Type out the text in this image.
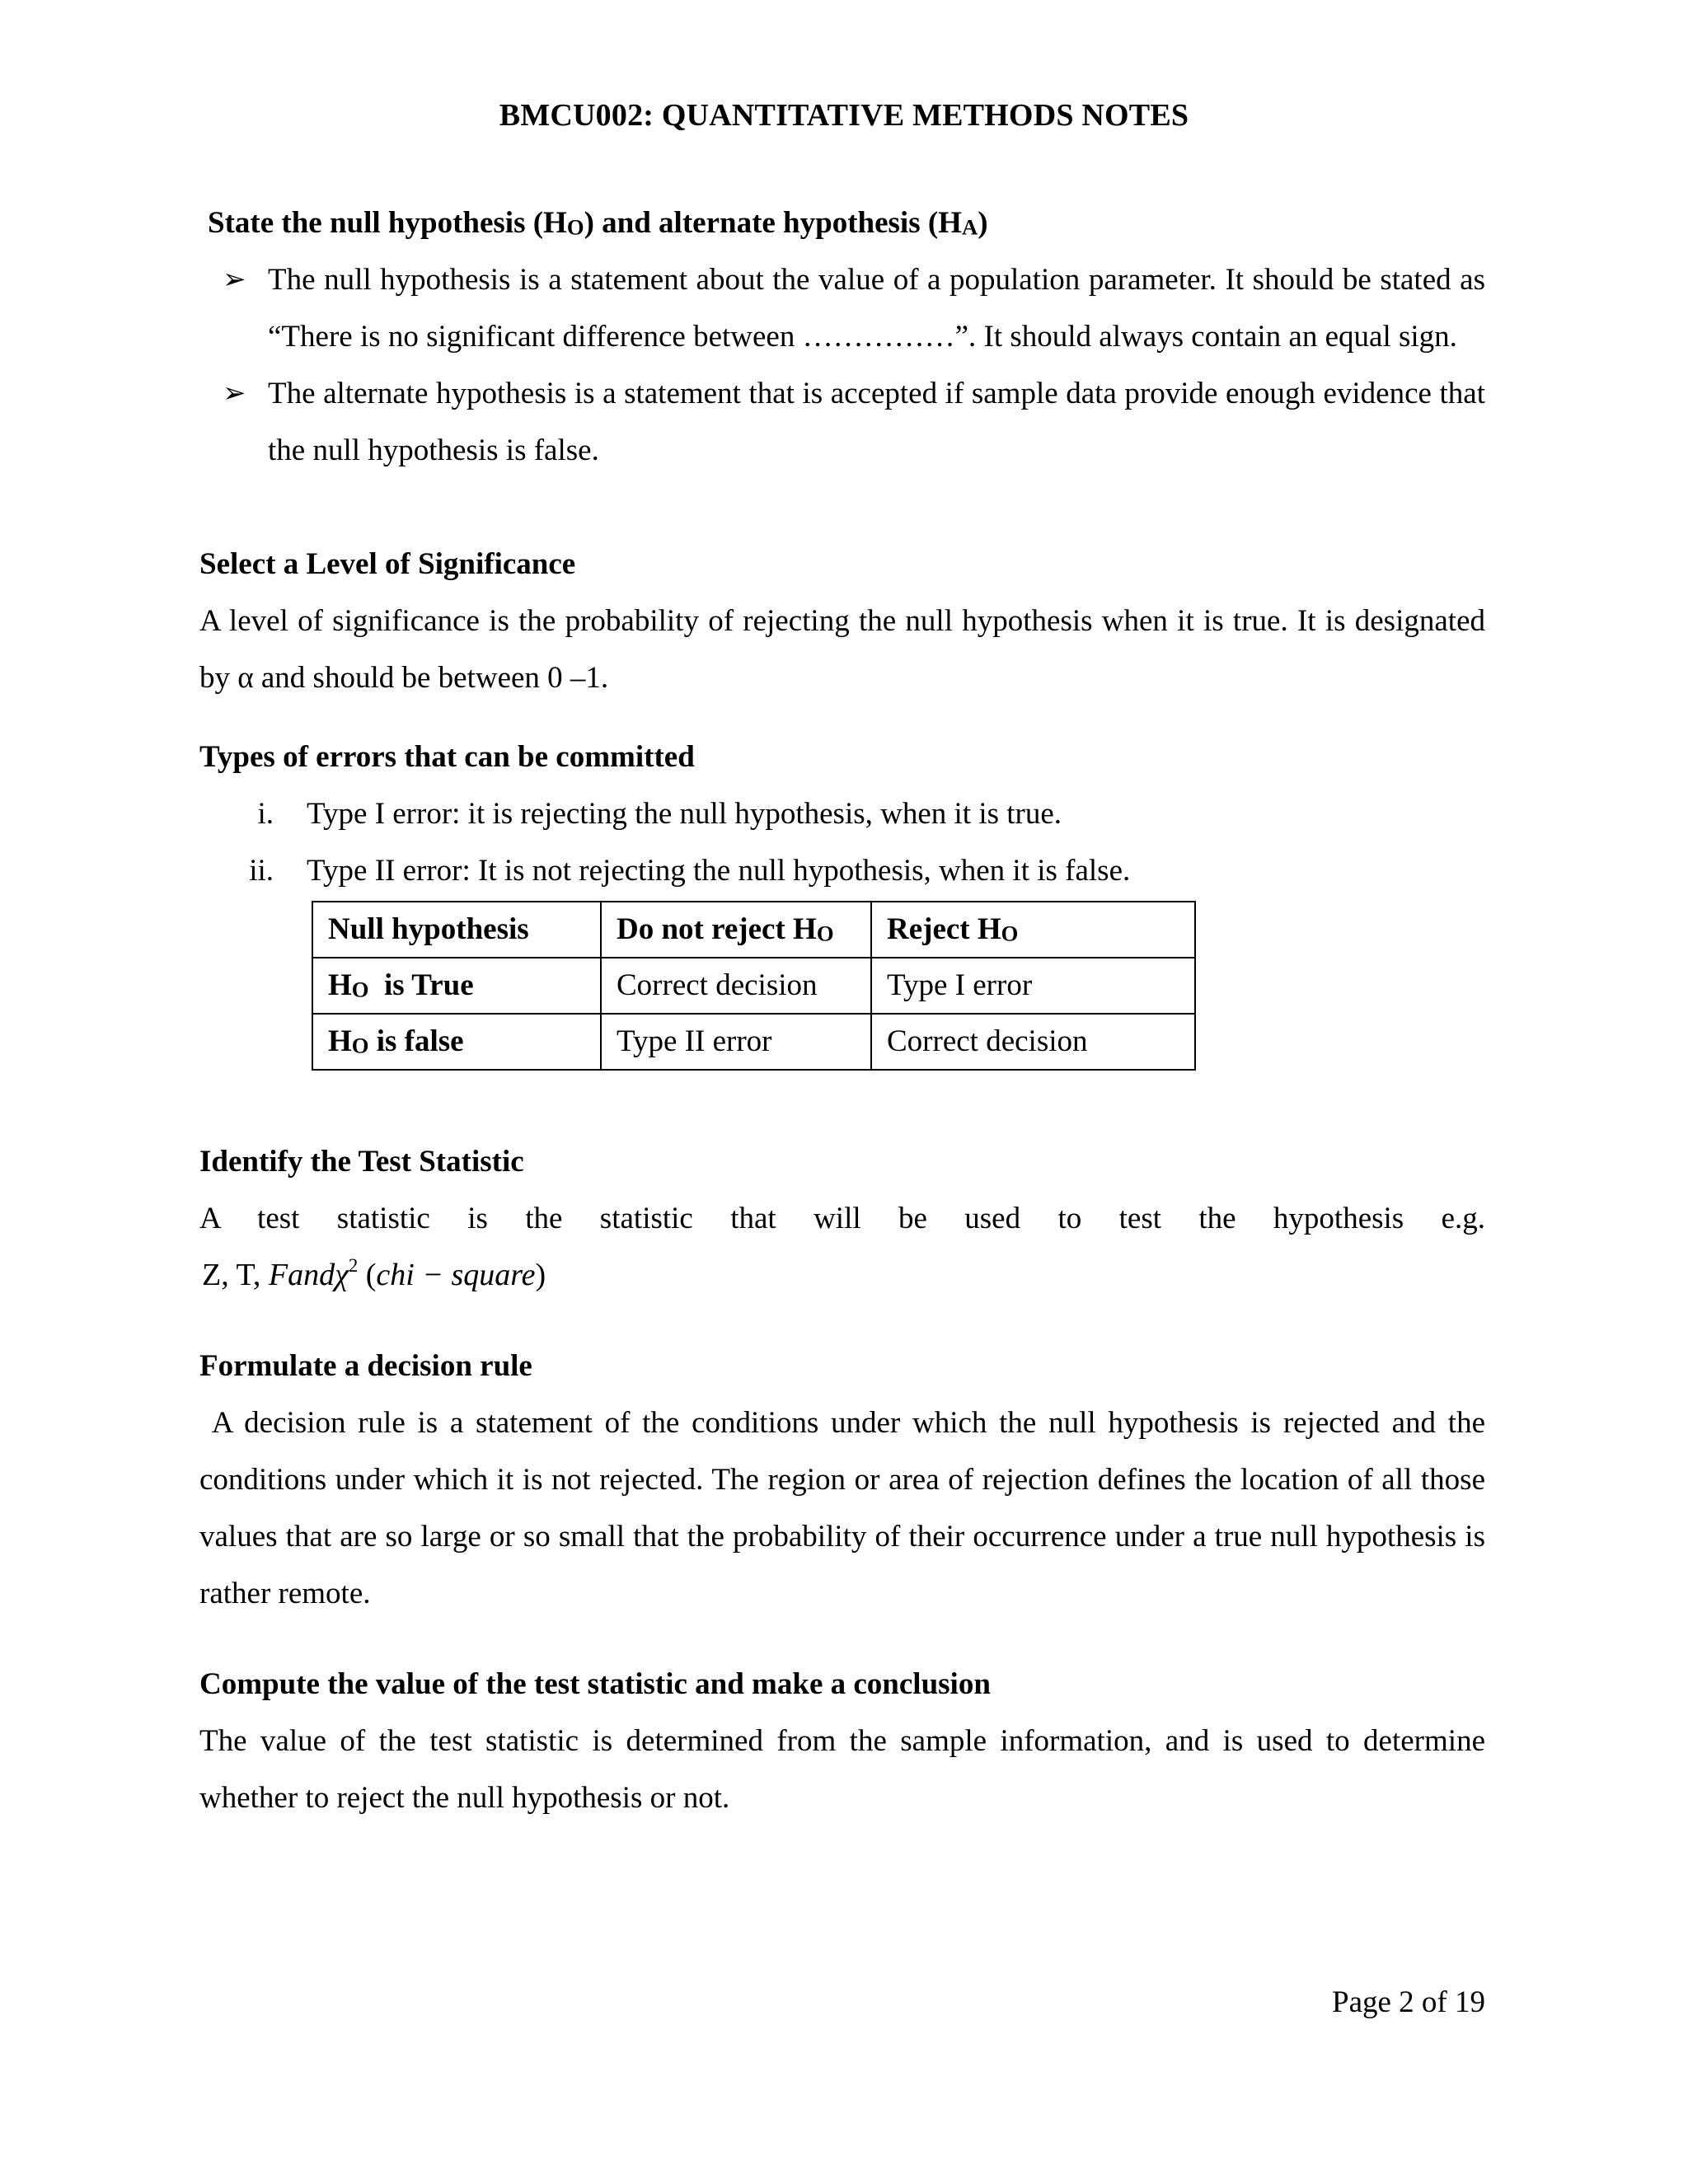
BMCU002: QUANTITATIVE METHODS NOTES

State the null hypothesis (HO) and alternate hypothesis (HA)

➢ The null hypothesis is a statement about the value of a population parameter. It should be stated as “There is no significant difference between ……………”. It should always contain an equal sign.
➢ The alternate hypothesis is a statement that is accepted if sample data provide enough evidence that the null hypothesis is false.

Select a Level of Significance

A level of significance is the probability of rejecting the null hypothesis when it is true. It is designated by α and should be between 0 –1.

Types of errors that can be committed

i. Type I error: it is rejecting the null hypothesis, when it is true.
ii. Type II error: It is not rejecting the null hypothesis, when it is false.
Null hypothesis	Do not reject HO	Reject HO
HO  is True	Correct decision	Type I error
HO is false	Type II error	Correct decision

Identify the Test Statistic

A test statistic is the statistic that will be used to test the hypothesis e.g.

Z, T, Fandχ$^2$ (chi − square)

Formulate a decision rule

A decision rule is a statement of the conditions under which the null hypothesis is rejected and the conditions under which it is not rejected. The region or area of rejection defines the location of all those values that are so large or so small that the probability of their occurrence under a true null hypothesis is rather remote.

Compute the value of the test statistic and make a conclusion

The value of the test statistic is determined from the sample information, and is used to determine whether to reject the null hypothesis or not.

Page 2 of 19
